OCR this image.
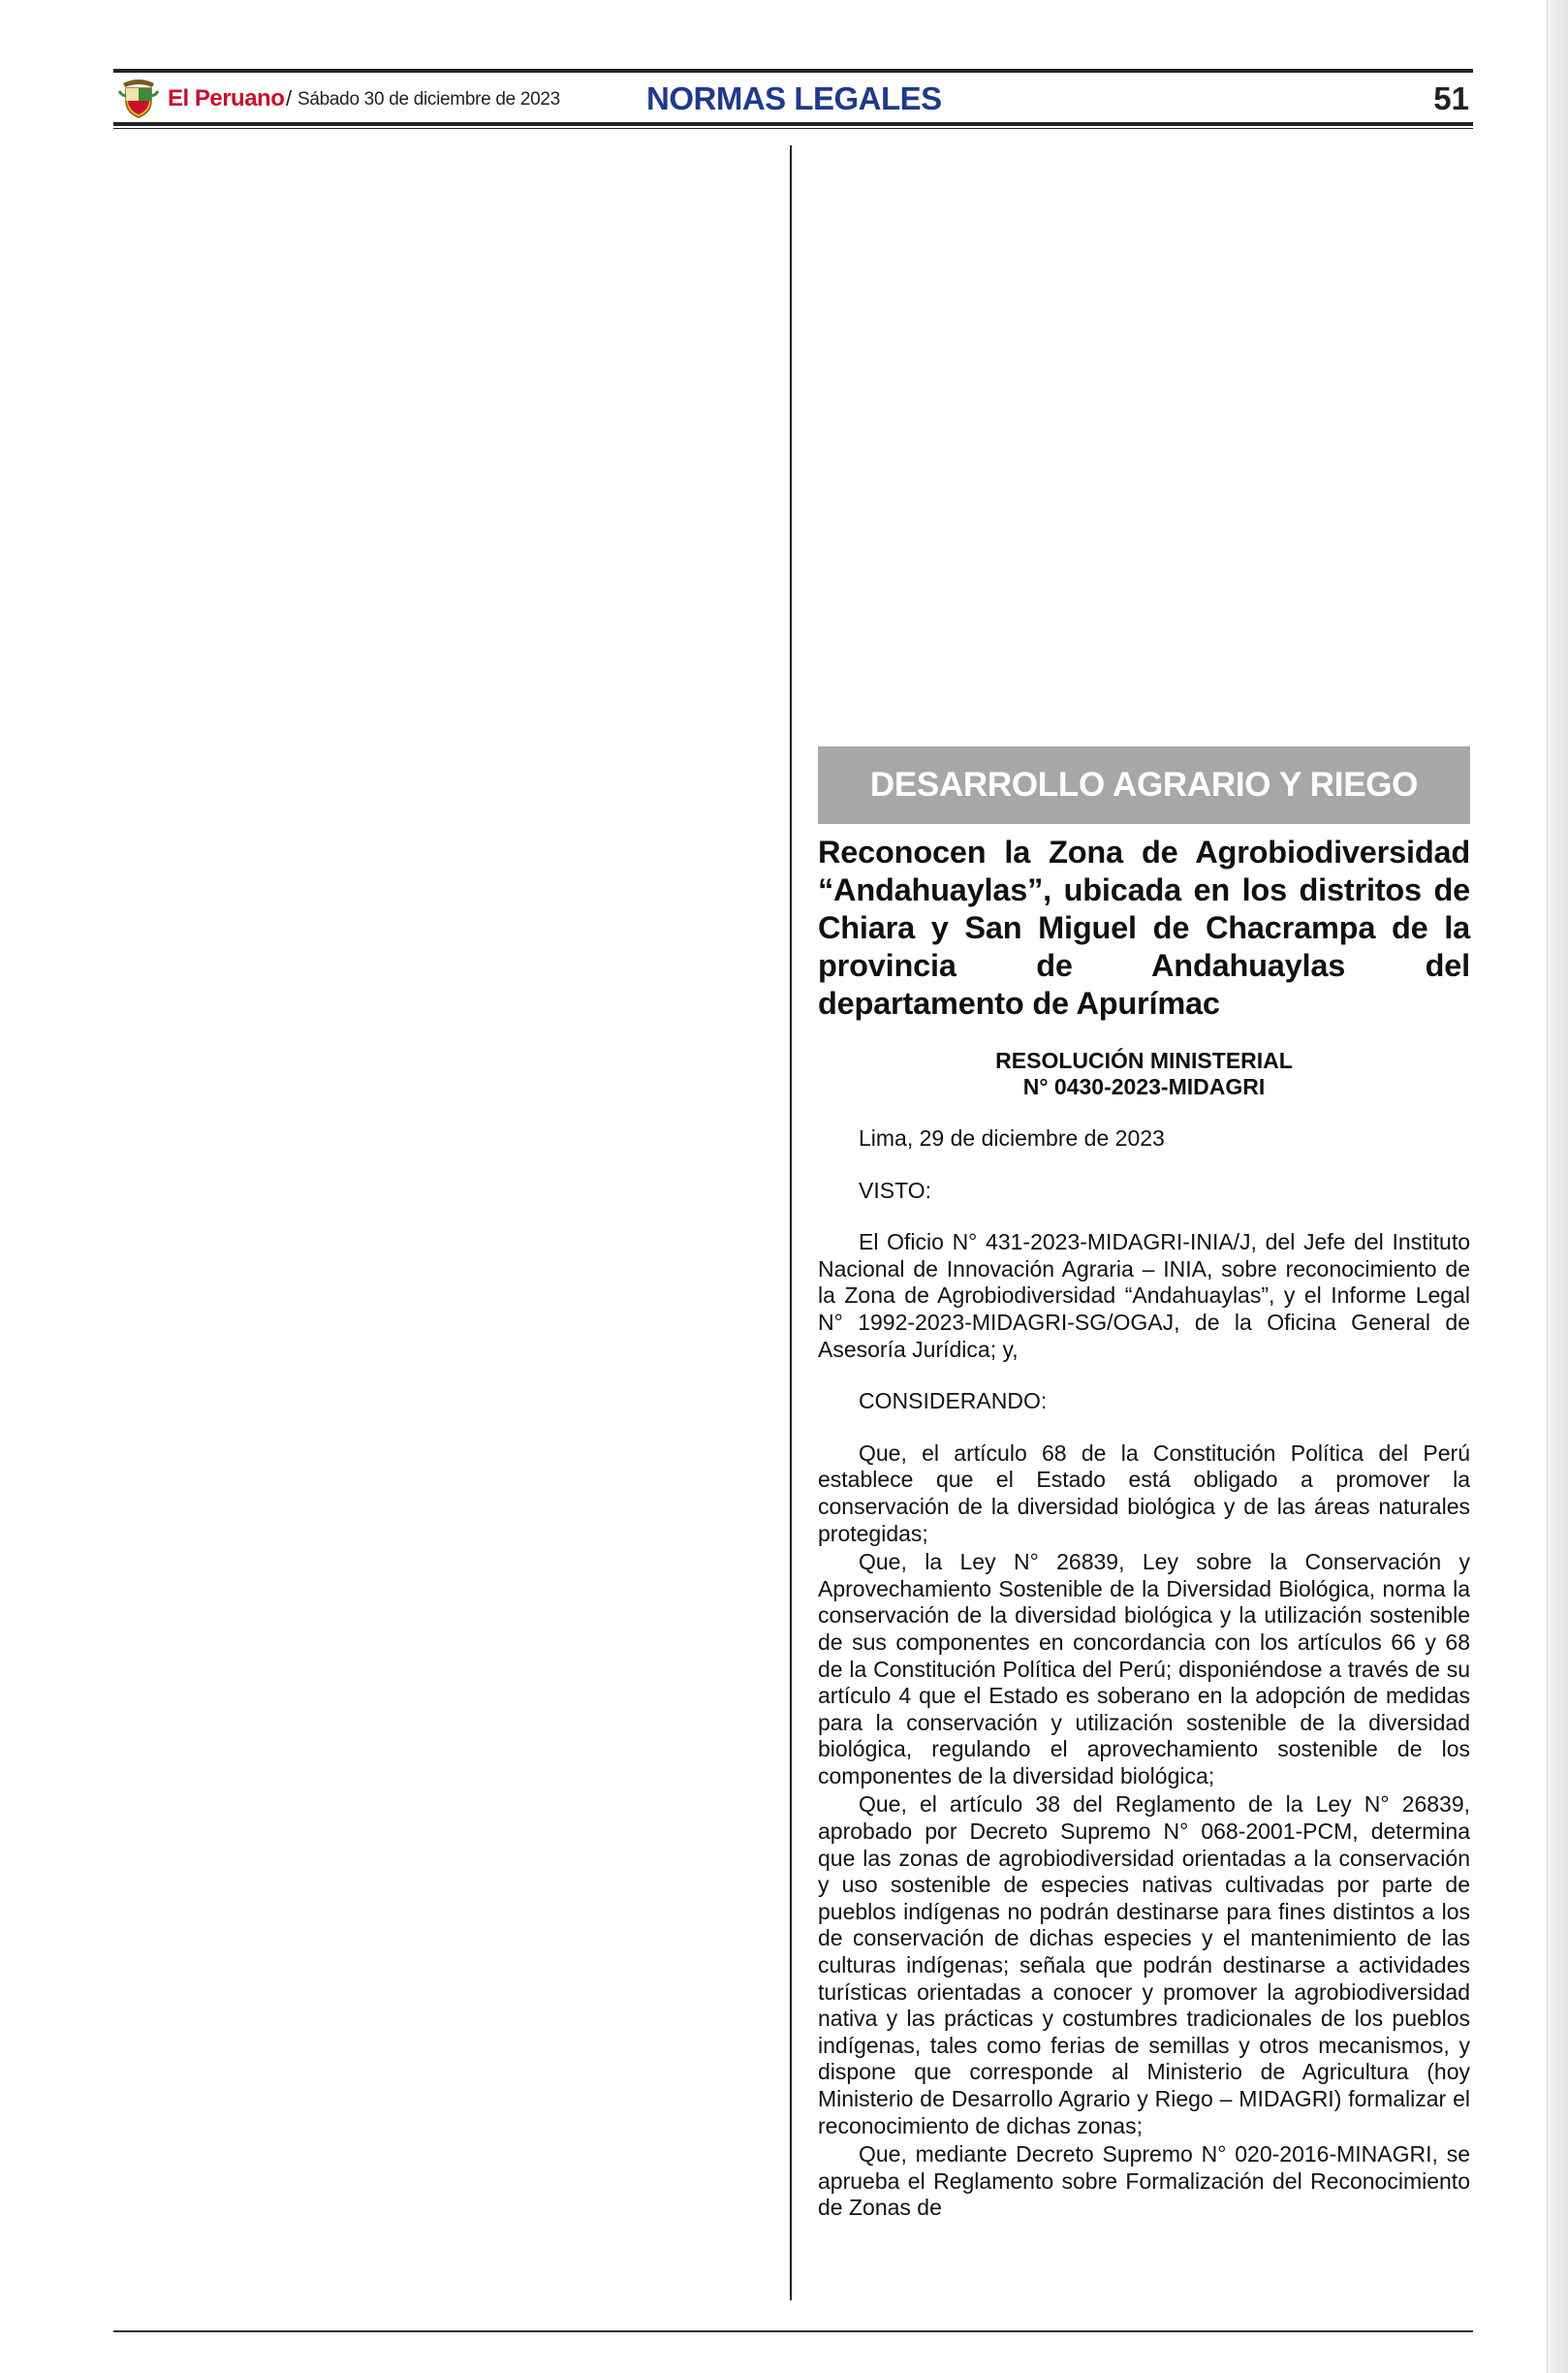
El Peruano / Sábado 30 de diciembre de 2023	NORMAS LEGALES	51
DESARROLLO AGRARIO Y RIEGO
Reconocen la Zona de Agrobiodiversidad “Andahuaylas”, ubicada en los distritos de Chiara y San Miguel de Chacrampa de la provincia de Andahuaylas del departamento de Apurímac
RESOLUCIÓN MINISTERIAL
N° 0430-2023-MIDAGRI

Lima, 29 de diciembre de 2023

VISTO:

El Oficio N° 431-2023-MIDAGRI-INIA/J, del Jefe del Instituto Nacional de Innovación Agraria – INIA, sobre reconocimiento de la Zona de Agrobiodiversidad “Andahuaylas”, y el Informe Legal N° 1992-2023-MIDAGRI-SG/OGAJ, de la Oficina General de Asesoría Jurídica; y,

CONSIDERANDO:

Que, el artículo 68 de la Constitución Política del Perú establece que el Estado está obligado a promover la conservación de la diversidad biológica y de las áreas naturales protegidas;

Que, la Ley N° 26839, Ley sobre la Conservación y Aprovechamiento Sostenible de la Diversidad Biológica, norma la conservación de la diversidad biológica y la utilización sostenible de sus componentes en concordancia con los artículos 66 y 68 de la Constitución Política del Perú; disponiéndose a través de su artículo 4 que el Estado es soberano en la adopción de medidas para la conservación y utilización sostenible de la diversidad biológica, regulando el aprovechamiento sostenible de los componentes de la diversidad biológica;

Que, el artículo 38 del Reglamento de la Ley N° 26839, aprobado por Decreto Supremo N° 068-2001-PCM, determina que las zonas de agrobiodiversidad orientadas a la conservación y uso sostenible de especies nativas cultivadas por parte de pueblos indígenas no podrán destinarse para fines distintos a los de conservación de dichas especies y el mantenimiento de las culturas indígenas; señala que podrán destinarse a actividades turísticas orientadas a conocer y promover la agrobiodiversidad nativa y las prácticas y costumbres tradicionales de los pueblos indígenas, tales como ferias de semillas y otros mecanismos, y dispone que corresponde al Ministerio de Agricultura (hoy Ministerio de Desarrollo Agrario y Riego – MIDAGRI) formalizar el reconocimiento de dichas zonas;

Que, mediante Decreto Supremo N° 020-2016-MINAGRI, se aprueba el Reglamento sobre Formalización del Reconocimiento de Zonas de
